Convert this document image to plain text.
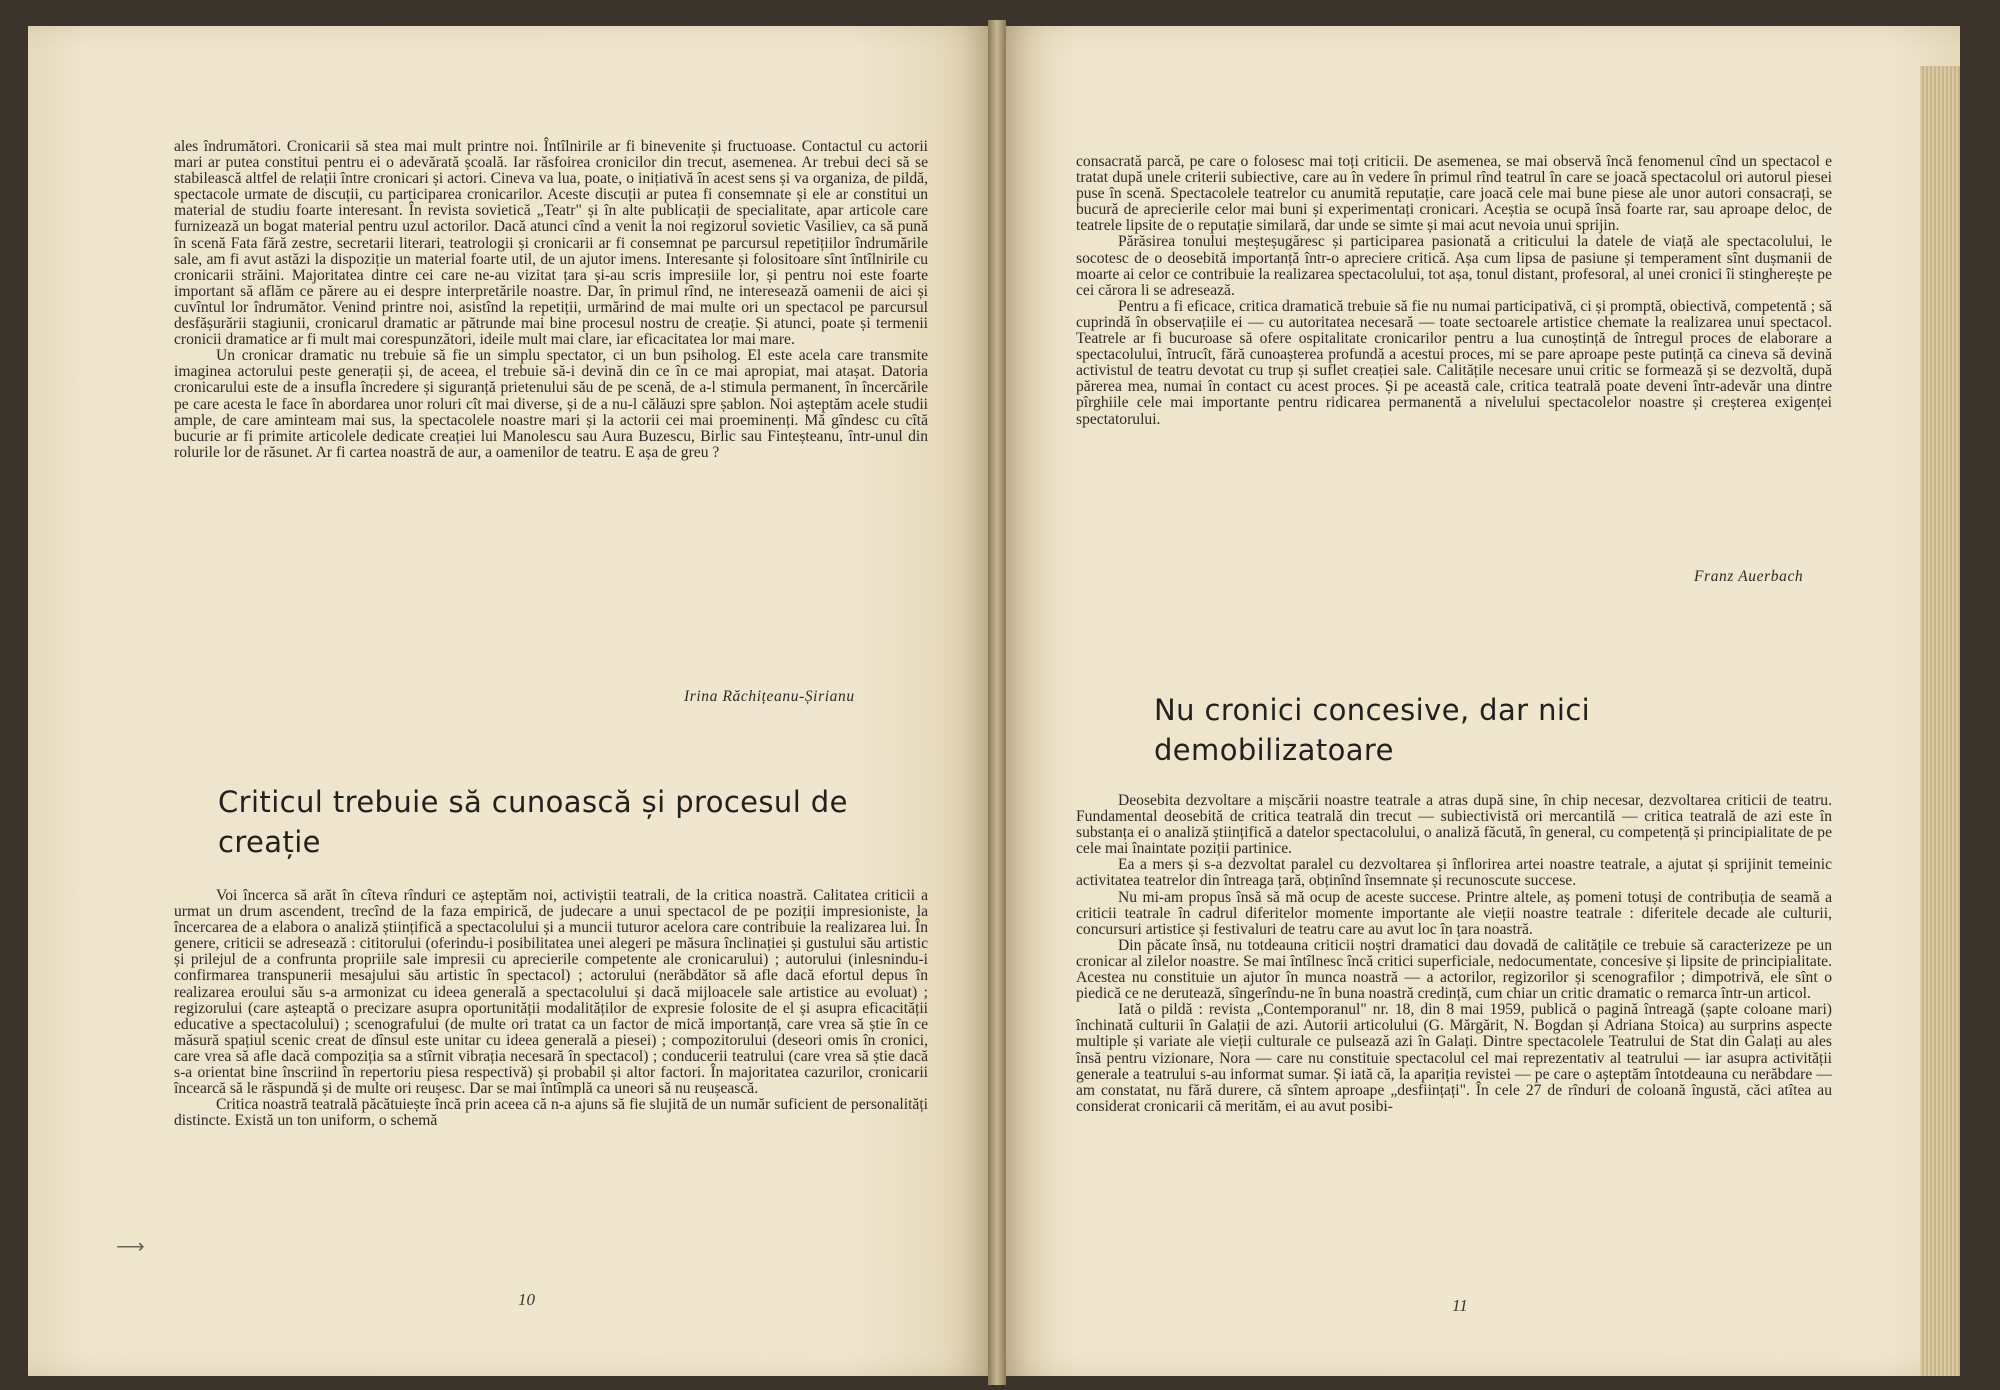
ales îndrumători. Cronicarii să stea mai mult printre noi. Întîlnirile ar fi binevenite și fructuoase. Contactul cu actorii mari ar putea constitui pentru ei o adevărată școală. Iar răsfoirea cronicilor din trecut, asemenea. Ar trebui deci să se stabilească altfel de relații între cronicari și actori. Cineva va lua, poate, o inițiativă în acest sens și va organiza, de pildă, spectacole urmate de discuții, cu participarea cronicarilor. Aceste discuții ar putea fi consemnate și ele ar constitui un material de studiu foarte interesant. În revista sovietică „Teatr" și în alte publicații de specialitate, apar articole care furnizează un bogat material pentru uzul actorilor. Dacă atunci cînd a venit la noi regizorul sovietic Vasiliev, ca să pună în scenă Fata fără zestre, secretarii literari, teatrologii și cronicarii ar fi consemnat pe parcursul repetițiilor îndrumările sale, am fi avut astăzi la dispoziție un material foarte util, de un ajutor imens. Interesante și folositoare sînt întîlnirile cu cronicarii străini. Majoritatea dintre cei care ne-au vizitat țara și-au scris impresiile lor, și pentru noi este foarte important să aflăm ce părere au ei despre interpretările noastre. Dar, în primul rînd, ne interesează oamenii de aici și cuvîntul lor îndrumător. Venind printre noi, asistînd la repetiții, urmărind de mai multe ori un spectacol pe parcursul desfășurării stagiunii, cronicarul dramatic ar pătrunde mai bine procesul nostru de creație. Și atunci, poate și termenii cronicii dramatice ar fi mult mai corespunzători, ideile mult mai clare, iar eficacitatea lor mai mare.

Un cronicar dramatic nu trebuie să fie un simplu spectator, ci un bun psiholog. El este acela care transmite imaginea actorului peste generații și, de aceea, el trebuie să-i devină din ce în ce mai apropiat, mai atașat. Datoria cronicarului este de a insufla încredere și siguranță prietenului său de pe scenă, de a-l stimula permanent, în încercările pe care acesta le face în abordarea unor roluri cît mai diverse, și de a nu-l călăuzi spre șablon. Noi așteptăm acele studii ample, de care aminteam mai sus, la spectacolele noastre mari și la actorii cei mai proeminenți. Mă gîndesc cu cîtă bucurie ar fi primite articolele dedicate creației lui Manolescu sau Aura Buzescu, Birlic sau Finteșteanu, într-unul din rolurile lor de răsunet. Ar fi cartea noastră de aur, a oamenilor de teatru. E așa de greu ?

Irina Răchițeanu-Șirianu
Criticul trebuie să cunoască și procesul de creație

Voi încerca să arăt în cîteva rînduri ce așteptăm noi, activiștii teatrali, de la critica noastră. Calitatea criticii a urmat un drum ascendent, trecînd de la faza empirică, de judecare a unui spectacol de pe poziții impresioniste, la încercarea de a elabora o analiză științifică a spectacolului și a muncii tuturor acelora care contribuie la realizarea lui. În genere, criticii se adresează : cititorului (oferindu-i posibilitatea unei alegeri pe măsura înclinației și gustului său artistic și prilejul de a confrunta propriile sale impresii cu aprecierile competente ale cronicarului) ; autorului (inlesnindu-i confirmarea transpunerii mesajului său artistic în spectacol) ; actorului (nerăbdător să afle dacă efortul depus în realizarea eroului său s-a armonizat cu ideea generală a spectacolului și dacă mijloacele sale artistice au evoluat) ; regizorului (care așteaptă o precizare asupra oportunității modalităților de expresie folosite de el și asupra eficacității educative a spectacolului) ; scenografului (de multe ori tratat ca un factor de mică importanță, care vrea să știe în ce măsură spațiul scenic creat de dînsul este unitar cu ideea generală a piesei) ; compozitorului (deseori omis în cronici, care vrea să afle dacă compoziția sa a stîrnit vibrația necesară în spectacol) ; conducerii teatrului (care vrea să știe dacă s-a orientat bine înscriind în repertoriu piesa respectivă) și probabil și altor factori. În majoritatea cazurilor, cronicarii încearcă să le răspundă și de multe ori reușesc. Dar se mai întîmplă ca uneori să nu reușească.

Critica noastră teatrală păcătuiește încă prin aceea că n-a ajuns să fie slujită de un număr suficient de personalități distincte. Există un ton uniform, o schemă

⟶
10

consacrată parcă, pe care o folosesc mai toți criticii. De asemenea, se mai observă încă fenomenul cînd un spectacol e tratat după unele criterii subiective, care au în vedere în primul rînd teatrul în care se joacă spectacolul ori autorul piesei puse în scenă. Spectacolele teatrelor cu anumită reputație, care joacă cele mai bune piese ale unor autori consacrați, se bucură de aprecierile celor mai buni și experimentați cronicari. Aceștia se ocupă însă foarte rar, sau aproape deloc, de teatrele lipsite de o reputație similară, dar unde se simte și mai acut nevoia unui sprijin.

Părăsirea tonului meșteșugăresc și participarea pasionată a criticului la datele de viață ale spectacolului, le socotesc de o deosebită importanță într-o apreciere critică. Așa cum lipsa de pasiune și temperament sînt dușmanii de moarte ai celor ce contribuie la realizarea spectacolului, tot așa, tonul distant, profesoral, al unei cronici îi stingherește pe cei cărora li se adresează.

Pentru a fi eficace, critica dramatică trebuie să fie nu numai participativă, ci și promptă, obiectivă, competentă ; să cuprindă în observațiile ei — cu autoritatea necesară — toate sectoarele artistice chemate la realizarea unui spectacol. Teatrele ar fi bucuroase să ofere ospitalitate cronicarilor pentru a lua cunoștință de întregul proces de elaborare a spectacolului, întrucît, fără cunoașterea profundă a acestui proces, mi se pare aproape peste putință ca cineva să devină activistul de teatru devotat cu trup și suflet creației sale. Calitățile necesare unui critic se formează și se dezvoltă, după părerea mea, numai în contact cu acest proces. Și pe această cale, critica teatrală poate deveni într-adevăr una dintre pîrghiile cele mai importante pentru ridicarea permanentă a nivelului spectacolelor noastre și creșterea exigenței spectatorului.

Franz Auerbach
Nu cronici concesive, dar nici demobilizatoare

Deosebita dezvoltare a mișcării noastre teatrale a atras după sine, în chip necesar, dezvoltarea criticii de teatru. Fundamental deosebită de critica teatrală din trecut — subiectivistă ori mercantilă — critica teatrală de azi este în substanța ei o analiză științifică a datelor spectacolului, o analiză făcută, în general, cu competență și principialitate de pe cele mai înaintate poziții partinice.

Ea a mers și s-a dezvoltat paralel cu dezvoltarea și înflorirea artei noastre teatrale, a ajutat și sprijinit temeinic activitatea teatrelor din întreaga țară, obținînd însemnate și recunoscute succese.

Nu mi-am propus însă să mă ocup de aceste succese. Printre altele, aș pomeni totuși de contribuția de seamă a criticii teatrale în cadrul diferitelor momente importante ale vieții noastre teatrale : diferitele decade ale culturii, concursuri artistice și festivaluri de teatru care au avut loc în țara noastră.

Din păcate însă, nu totdeauna criticii noștri dramatici dau dovadă de calitățile ce trebuie să caracterizeze pe un cronicar al zilelor noastre. Se mai întîlnesc încă critici superficiale, nedocumentate, concesive și lipsite de principialitate. Acestea nu constituie un ajutor în munca noastră — a actorilor, regizorilor și scenografilor ; dimpotrivă, ele sînt o piedică ce ne derutează, sîngerîndu-ne în buna noastră credință, cum chiar un critic dramatic o remarca într-un articol.

Iată o pildă : revista „Contemporanul" nr. 18, din 8 mai 1959, publică o pagină întreagă (șapte coloane mari) închinată culturii în Galații de azi. Autorii articolului (G. Mărgărit, N. Bogdan și Adriana Stoica) au surprins aspecte multiple și variate ale vieții culturale ce pulsează azi în Galați. Dintre spectacolele Teatrului de Stat din Galați au ales însă pentru vizionare, Nora — care nu constituie spectacolul cel mai reprezentativ al teatrului — iar asupra activității generale a teatrului s-au informat sumar. Și iată că, la apariția revistei — pe care o așteptăm întotdeauna cu nerăbdare — am constatat, nu fără durere, că sîntem aproape „desființați". În cele 27 de rînduri de coloană îngustă, căci atîtea au considerat cronicarii că merităm, ei au avut posibi-

11
